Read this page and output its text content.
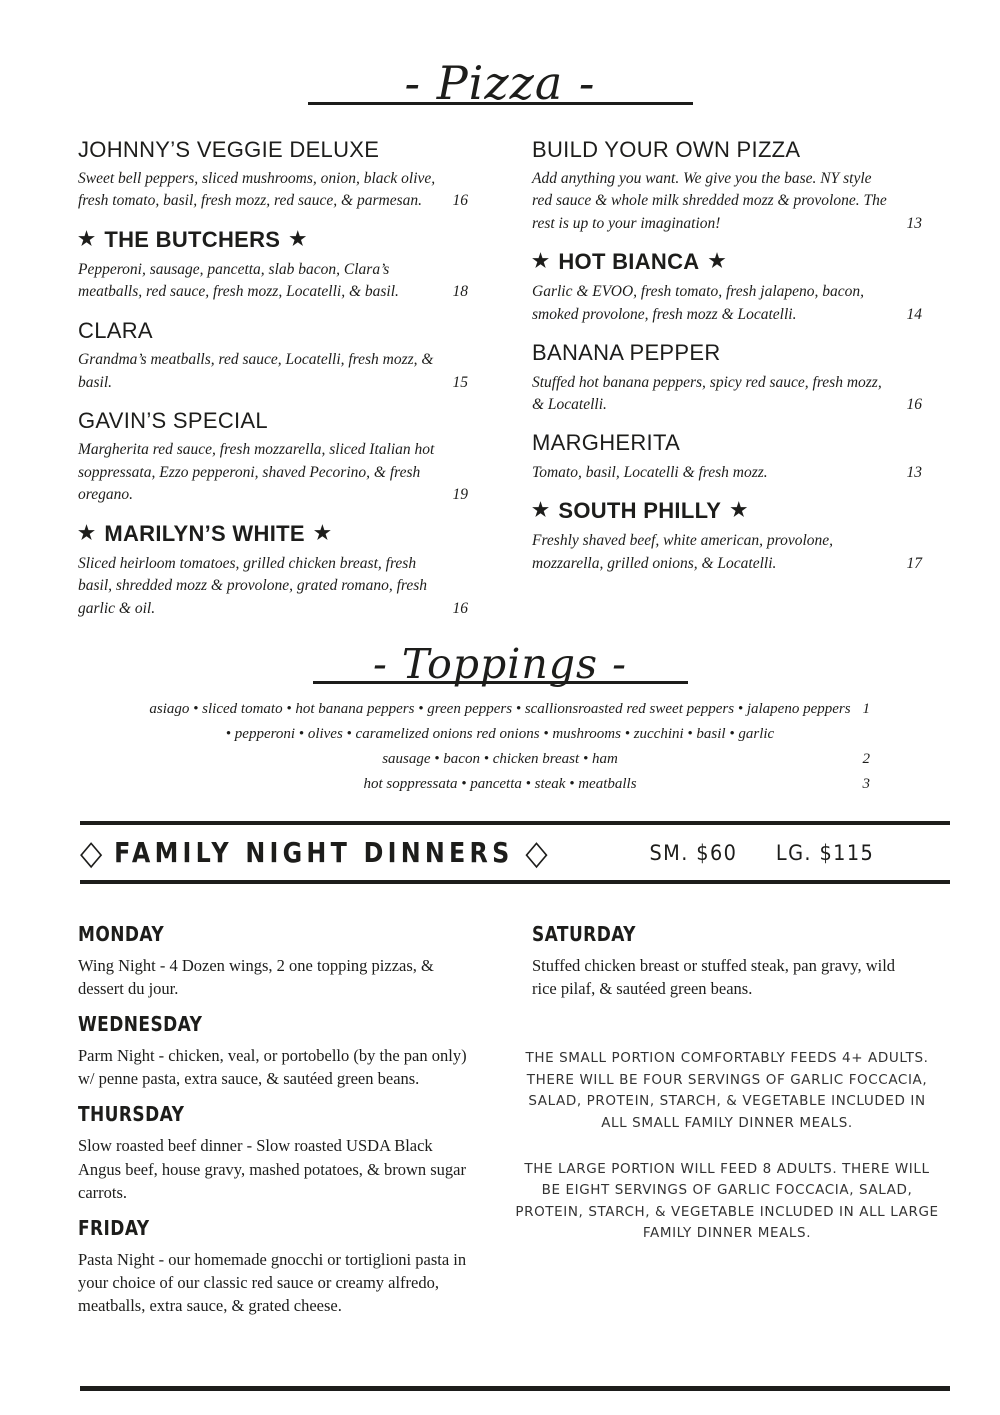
- Pizza -
JOHNNY’S VEGGIE DELUXE
Sweet bell peppers, sliced mushrooms, onion, black olive, fresh tomato, basil, fresh mozz, red sauce, & parmesan.	16
★ THE BUTCHERS ★
Pepperoni, sausage, pancetta, slab bacon, Clara’s meatballs, red sauce, fresh mozz, Locatelli, & basil.	18
CLARA
Grandma’s meatballs, red sauce, Locatelli, fresh mozz, & basil.	15
GAVIN’S SPECIAL
Margherita red sauce, fresh mozzarella, sliced Italian hot soppressata, Ezzo pepperoni, shaved Pecorino, & fresh oregano.	19
★ MARILYN’S WHITE ★
Sliced heirloom tomatoes, grilled chicken breast, fresh basil, shredded mozz & provolone, grated romano, fresh garlic & oil.	16
BUILD YOUR OWN PIZZA
Add anything you want. We give you the base. NY style red sauce & whole milk shredded mozz & provolone. The rest is up to your imagination!	13
★ HOT BIANCA ★
Garlic & EVOO, fresh tomato, fresh jalapeno, bacon, smoked provolone, fresh mozz & Locatelli.	14
BANANA PEPPER
Stuffed hot banana peppers, spicy red sauce, fresh mozz, & Locatelli.	16
MARGHERITA
Tomato, basil, Locatelli & fresh mozz.	13
★ SOUTH PHILLY ★
Freshly shaved beef, white american, provolone, mozzarella, grilled onions, & Locatelli.	17
- Toppings -
asiago • sliced tomato • hot banana peppers • green peppers • scallionsroasted red sweet peppers • jalapeno peppers 1
• pepperoni • olives • caramelized onions red onions • mushrooms • zucchini • basil • garlic
sausage • bacon • chicken breast • ham	2
hot soppressata • pancetta • steak • meatballs	3
◇ FAMILY NIGHT DINNERS ◇	SM. $60 LG. $115
MONDAY
Wing Night - 4 Dozen wings, 2 one topping pizzas, & dessert du jour.
WEDNESDAY
Parm Night - chicken, veal, or portobello (by the pan only) w/ penne pasta, extra sauce, & sautéed green beans.
THURSDAY
Slow roasted beef dinner - Slow roasted USDA Black Angus beef, house gravy, mashed potatoes, & brown sugar carrots.
FRIDAY
Pasta Night - our homemade gnocchi or tortiglioni pasta in your choice of our classic red sauce or creamy alfredo, meatballs, extra sauce, & grated cheese.
SATURDAY
Stuffed chicken breast or stuffed steak, pan gravy, wild rice pilaf, & sautéed green beans.
THE SMALL PORTION COMFORTABLY FEEDS 4+ ADULTS. THERE WILL BE FOUR SERVINGS OF GARLIC FOCCACIA, SALAD, PROTEIN, STARCH, & VEGETABLE INCLUDED IN ALL SMALL FAMILY DINNER MEALS.
THE LARGE PORTION WILL FEED 8 ADULTS. THERE WILL BE EIGHT SERVINGS OF GARLIC FOCCACIA, SALAD, PROTEIN, STARCH, & VEGETABLE INCLUDED IN ALL LARGE FAMILY DINNER MEALS.
